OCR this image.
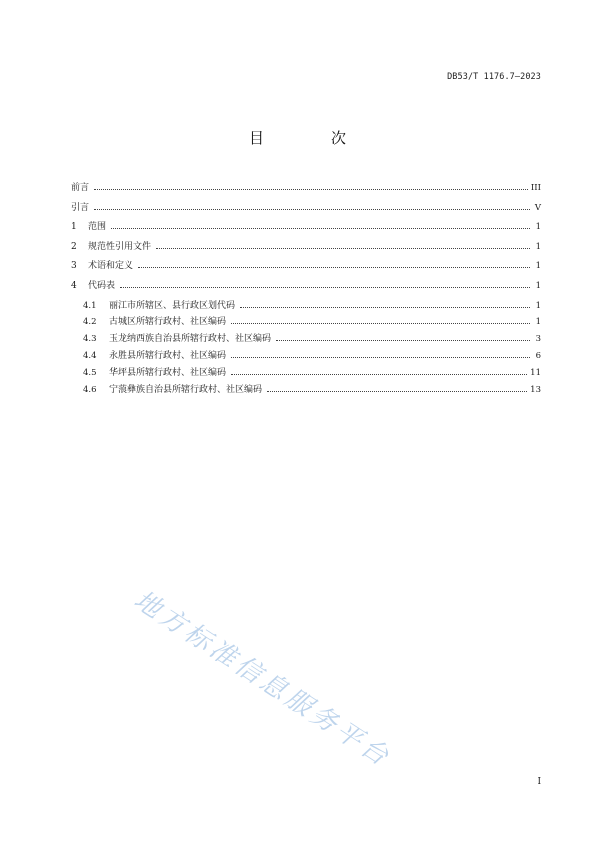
DB53/T 1176.7—2023
目　次
前言	III
引言	V
1	范围	1
2	规范性引用文件	1
3	术语和定义	1
4	代码表	1
4.1	丽江市所辖区、县行政区划代码	1
4.2	古城区所辖行政村、社区编码	1
4.3	玉龙纳西族自治县所辖行政村、社区编码	3
4.4	永胜县所辖行政村、社区编码	6
4.5	华坪县所辖行政村、社区编码	11
4.6	宁蒗彝族自治县所辖行政村、社区编码	13
地方标准信息服务平台
I
